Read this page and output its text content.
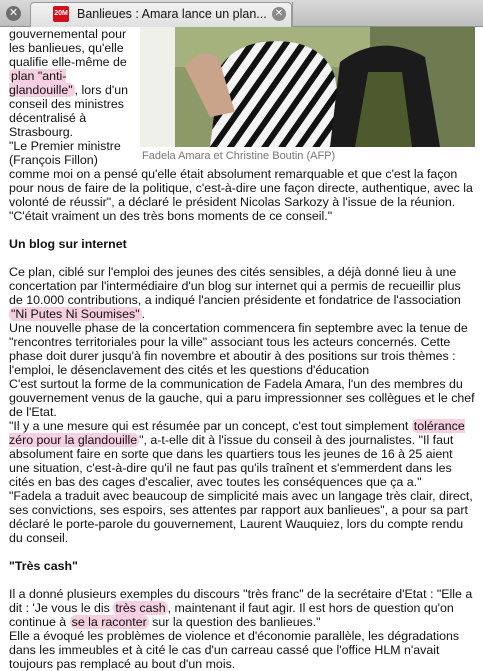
✕	20M Banlieues : Amara lance un plan... ✕
Fadela Amara et Christine Boutin (AFP)

gouvernemental pour les banlieues, qu'elle qualifie elle-même de plan "anti-glandouille" , lors d'un conseil des ministres décentralisé à Strasbourg.

"Le Premier ministre (François Fillon) comme moi on a pensé qu'elle était absolument remarquable et que c'est la façon pour nous de faire de la politique, c'est-à-dire une façon directe, authentique, avec la volonté de réussir", a déclaré le président Nicolas Sarkozy à l'issue de la réunion. "C'était vraiment un des très bons moments de ce conseil."

Un blog sur internet

Ce plan, ciblé sur l'emploi des jeunes des cités sensibles, a déjà donné lieu à une concertation par l'intermédiaire d'un blog sur internet qui a permis de recueillir plus de 10.000 contributions, a indiqué l'ancien présidente et fondatrice de l'association "Ni Putes Ni Soumises" .

Une nouvelle phase de la concertation commencera fin septembre avec la tenue de "rencontres territoriales pour la ville" associant tous les acteurs concernés. Cette phase doit durer jusqu'à fin novembre et aboutir à des positions sur trois thèmes : l'emploi, le désenclavement des cités et les questions d'éducation

C'est surtout la forme de la communication de Fadela Amara, l'un des membres du gouvernement venus de la gauche, qui a paru impressionner ses collègues et le chef de l'Etat.

"Il y a une mesure qui est résumée par un concept, c'est tout simplement tolérance zéro pour la glandouille ", a-t-elle dit à l'issue du conseil à des journalistes. "Il faut absolument faire en sorte que dans les quartiers tous les jeunes de 16 à 25 aient une situation, c'est-à-dire qu'il ne faut pas qu'ils traînent et s'emmerdent dans les cités en bas des cages d'escalier, avec toutes les conséquences que ça a."

"Fadela a traduit avec beaucoup de simplicité mais avec un langage très clair, direct, ses convictions, ses espoirs, ses attentes par rapport aux banlieues", a pour sa part déclaré le porte-parole du gouvernement, Laurent Wauquiez, lors du compte rendu du conseil.

"Très cash"

Il a donné plusieurs exemples du discours "très franc" de la secrétaire d'Etat : "Elle a dit : 'Je vous le dis très cash , maintenant il faut agir. Il est hors de question qu'on continue à se la raconter sur la question des banlieues."

Elle a évoqué les problèmes de violence et d'économie parallèle, les dégradations dans les immeubles et à cité le cas d'un carreau cassé que l'office HLM n'avait toujours pas remplacé au bout d'un mois.
